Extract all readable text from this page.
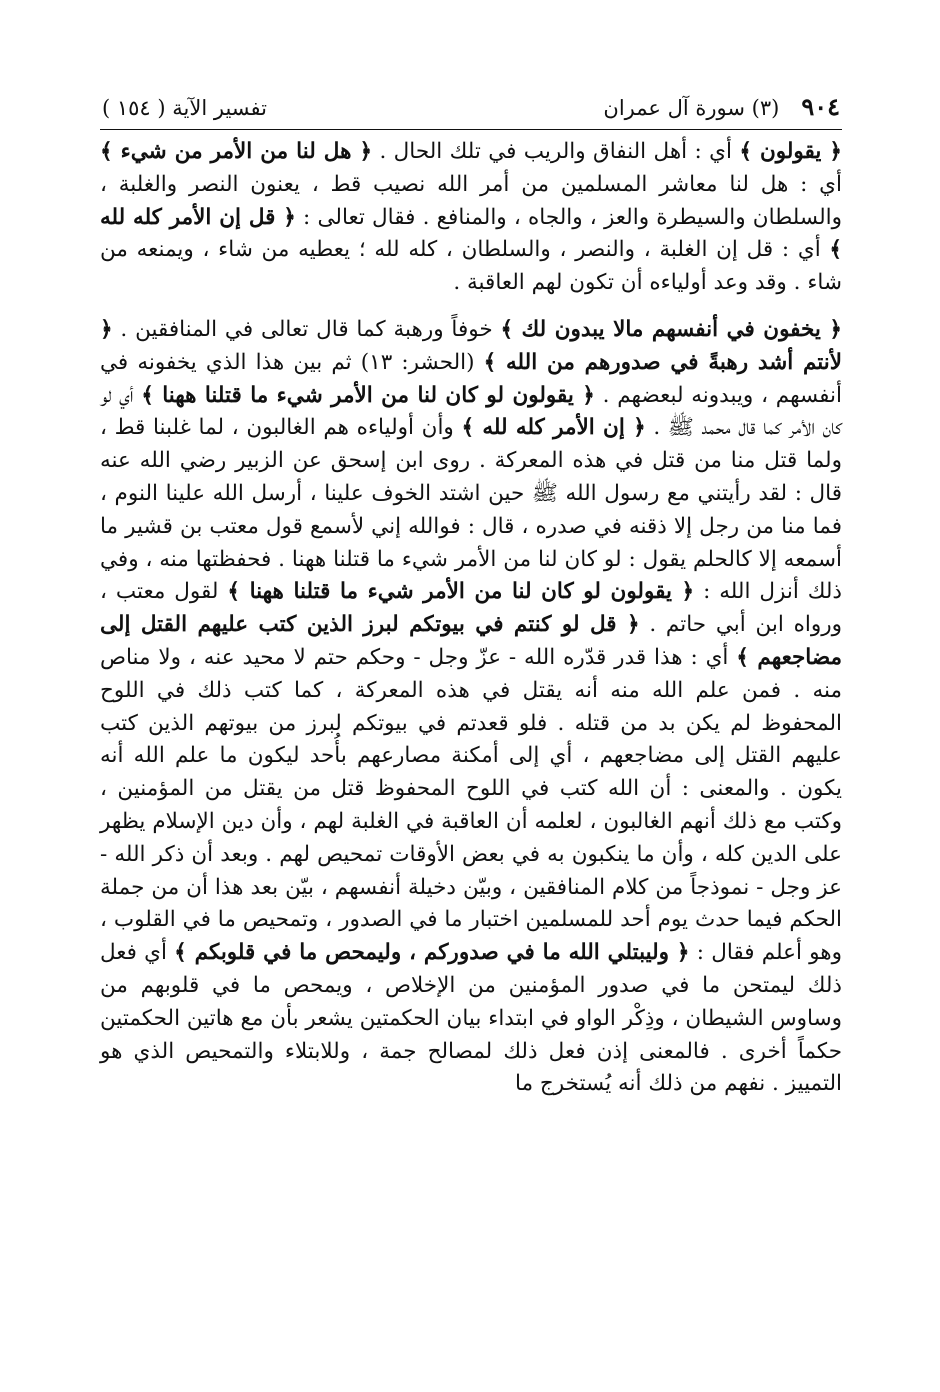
٩٠٤
(٣) سورة آل عمران
تفسير الآية ( ١٥٤ )

﴿ يقولون ﴾ أي : أهل النفاق والريب في تلك الحال . ﴿ هل لنا من الأمر من شيء ﴾ أي : هل لنا معاشر المسلمين من أمر الله نصيب قط ، يعنون النصر والغلبة ، والسلطان والسيطرة والعز ، والجاه ، والمنافع . فقال تعالى : ﴿ قل إن الأمر كله لله ﴾ أي : قل إن الغلبة ، والنصر ، والسلطان ، كله لله ؛ يعطيه من شاء ، ويمنعه من شاء . وقد وعد أولياءه أن تكون لهم العاقبة .

﴿ يخفون في أنفسهم مالا يبدون لك ﴾ خوفاً ورهبة كما قال تعالى في المنافقين . ﴿ لأنتم أشد رهبةً في صدورهم من الله ﴾ (الحشر: ١٣) ثم بين هذا الذي يخفونه في أنفسهم ، ويبدونه لبعضهم . ﴿ يقولون لو كان لنا من الأمر شيء ما قتلنا ههنا ﴾ أي لو كان الأمر كما قال محمد ﷺ . ﴿ إن الأمر كله لله ﴾ وأن أولياءه هم الغالبون ، لما غلبنا قط ، ولما قتل منا من قتل في هذه المعركة . روى ابن إسحق عن الزبير رضي الله عنه قال : لقد رأيتني مع رسول الله ﷺ حين اشتد الخوف علينا ، أرسل الله علينا النوم ، فما منا من رجل إلا ذقنه في صدره ، قال : فوالله إني لأسمع قول معتب بن قشير ما أسمعه إلا كالحلم يقول : لو كان لنا من الأمر شيء ما قتلنا ههنا . فحفظتها منه ، وفي ذلك أنزل الله : ﴿ يقولون لو كان لنا من الأمر شيء ما قتلنا ههنا ﴾ لقول معتب ، ورواه ابن أبي حاتم . ﴿ قل لو كنتم في بيوتكم لبرز الذين كتب عليهم القتل إلى مضاجعهم ﴾ أي : هذا قدر قدّره الله - عزّ وجل - وحكم حتم لا محيد عنه ، ولا مناص منه . فمن علم الله منه أنه يقتل في هذه المعركة ، كما كتب ذلك في اللوح المحفوظ لم يكن بد من قتله . فلو قعدتم في بيوتكم لبرز من بيوتهم الذين كتب عليهم القتل إلى مضاجعهم ، أي إلى أمكنة مصارعهم بأُحد ليكون ما علم الله أنه يكون . والمعنى : أن الله كتب في اللوح المحفوظ قتل من يقتل من المؤمنين ، وكتب مع ذلك أنهم الغالبون ، لعلمه أن العاقبة في الغلبة لهم ، وأن دين الإسلام يظهر على الدين كله ، وأن ما ينكبون به في بعض الأوقات تمحيص لهم . وبعد أن ذكر الله - عز وجل - نموذجاً من كلام المنافقين ، وبيّن دخيلة أنفسهم ، بيّن بعد هذا أن من جملة الحكم فيما حدث يوم أحد للمسلمين اختبار ما في الصدور ، وتمحيص ما في القلوب ، وهو أعلم فقال : ﴿ وليبتلي الله ما في صدوركم ، وليمحص ما في قلوبكم ﴾ أي فعل ذلك ليمتحن ما في صدور المؤمنين من الإخلاص ، ويمحص ما في قلوبهم من وساوس الشيطان ، وذِكْر الواو في ابتداء بيان الحكمتين يشعر بأن مع هاتين الحكمتين حكماً أخرى . فالمعنى إذن فعل ذلك لمصالح جمة ، وللابتلاء والتمحيص الذي هو التمييز . نفهم من ذلك أنه يُستخرج ما
